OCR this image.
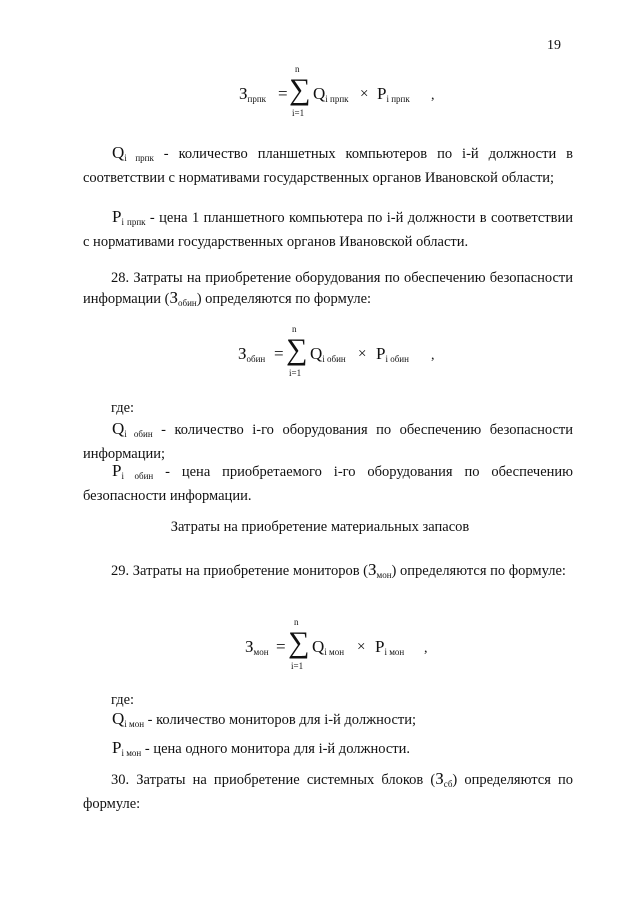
19
$З_{прпк}$ =
n
∑
i=1
$Q_{i прпк} \times P_{i прпк}$ ,
$Q_{i прпк}$ - количество планшетных компьютеров по i-й должности в соответствии с нормативами государственных органов Ивановской области;
$P_{i прпк}$ - цена 1 планшетного компьютера по i-й должности в соответствии с нормативами государственных органов Ивановской области.
28. Затраты на приобретение оборудования по обеспечению безопасности информации $(З_{обин})$ определяются по формуле:
$З_{обин}$ =
n
∑
i=1
$Q_{i обин} \times P_{i обин}$ ,
где:
$Q_{i обин}$ - количество i-го оборудования по обеспечению безопасности информации;
$P_{i обин}$ - цена приобретаемого i-го оборудования по обеспечению безопасности информации.
Затраты на приобретение материальных запасов
29. Затраты на приобретение мониторов $(З_{мон})$ определяются по формуле:
$З_{мон}$ =
n
∑
i=1
$Q_{i мон} \times P_{i мон}$ ,
где:
$Q_{i мон}$ - количество мониторов для i-й должности;
$P_{i мон}$ - цена одного монитора для i-й должности.
30. Затраты на приобретение системных блоков $(З_{сб})$ определяются по формуле:
